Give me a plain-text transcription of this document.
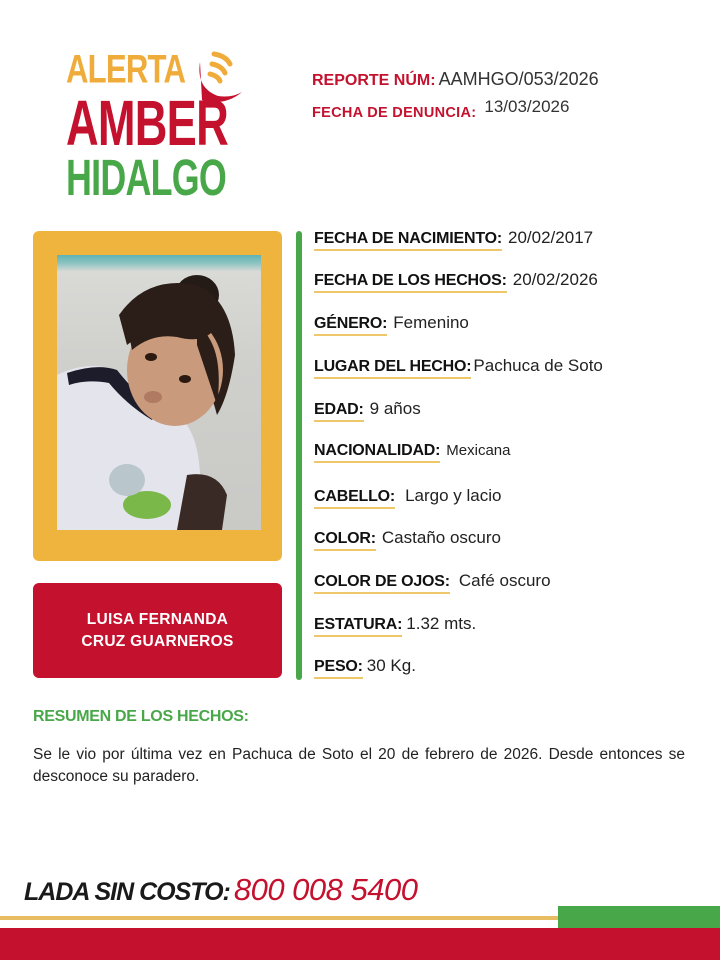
ALERTA
AMBER
HIDALGO
REPORTE NÚM: AAMHGO/053/2026
FECHA DE DENUNCIA: 13/03/2026
LUISA FERNANDA
CRUZ GUARNEROS
FECHA DE NACIMIENTO: 20/02/2017
FECHA DE LOS HECHOS: 20/02/2026
GÉNERO: Femenino
LUGAR DEL HECHO: Pachuca de Soto
EDAD: 9 años
NACIONALIDAD: Mexicana
CABELLO: Largo y lacio
COLOR: Castaño oscuro
COLOR DE OJOS: Café oscuro
ESTATURA: 1.32 mts.
PESO: 30 Kg.
RESUMEN DE LOS HECHOS:
Se le vio por última vez en Pachuca de Soto el 20 de febrero de 2026. Desde entonces se desconoce su paradero.
LADA SIN COSTO: 800 008 5400
